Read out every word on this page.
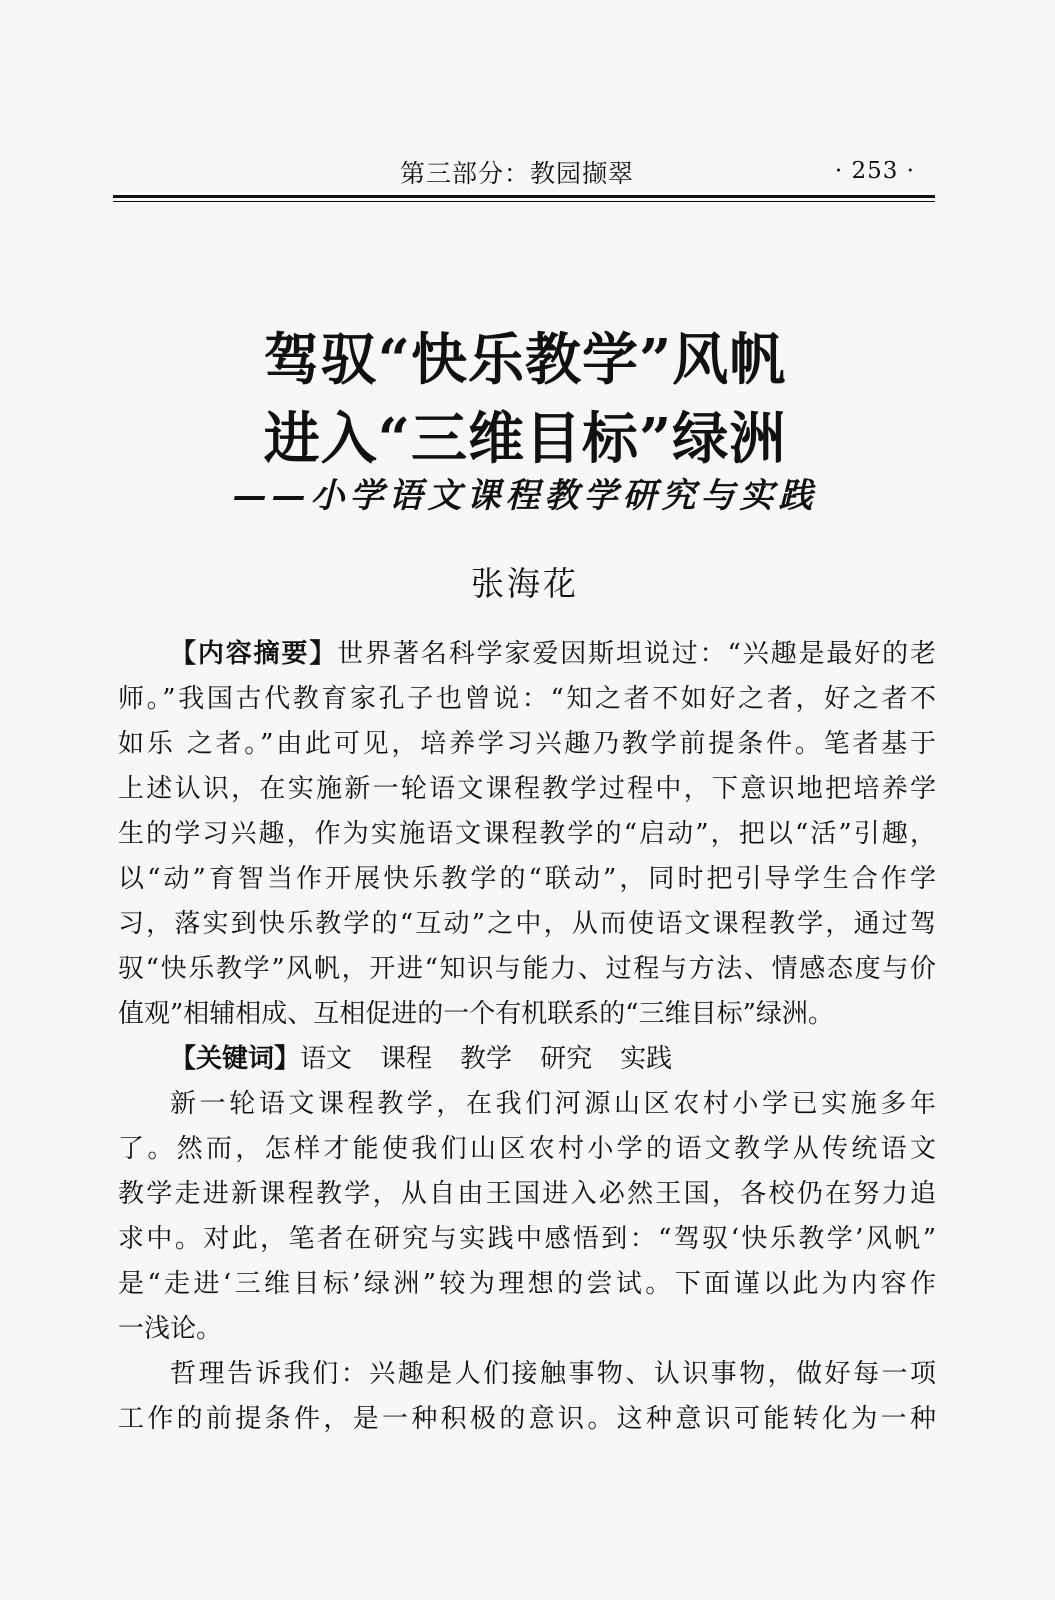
第三部分：教园撷翠	· 253 ·
驾驭“快乐教学”风帆
进入“三维目标”绿洲
——小学语文课程教学研究与实践
张海花
【内容摘要】世界著名科学家爱因斯坦说过：“兴趣是最好的老
师。”我国古代教育家孔子也曾说：“知之者不如好之者，好之者不
如乐 之者。”由此可见，培养学习兴趣乃教学前提条件。笔者基于
上述认识，在实施新一轮语文课程教学过程中，下意识地把培养学
生的学习兴趣，作为实施语文课程教学的“启动”，把以“活”引趣，
以“动”育智当作开展快乐教学的“联动”，同时把引导学生合作学
习，落实到快乐教学的“互动”之中，从而使语文课程教学，通过驾
驭“快乐教学”风帆，开进“知识与能力、过程与方法、情感态度与价
值观”相辅相成、互相促进的一个有机联系的“三维目标”绿洲。
【关键词】语文 课程 教学 研究 实践
新一轮语文课程教学，在我们河源山区农村小学已实施多年
了。然而，怎样才能使我们山区农村小学的语文教学从传统语文
教学走进新课程教学，从自由王国进入必然王国，各校仍在努力追
求中。对此，笔者在研究与实践中感悟到：“驾驭‘快乐教学’风帆”
是“走进‘三维目标’绿洲”较为理想的尝试。下面谨以此为内容作
一浅论。
哲理告诉我们：兴趣是人们接触事物、认识事物，做好每一项
工作的前提条件，是一种积极的意识。这种意识可能转化为一种
